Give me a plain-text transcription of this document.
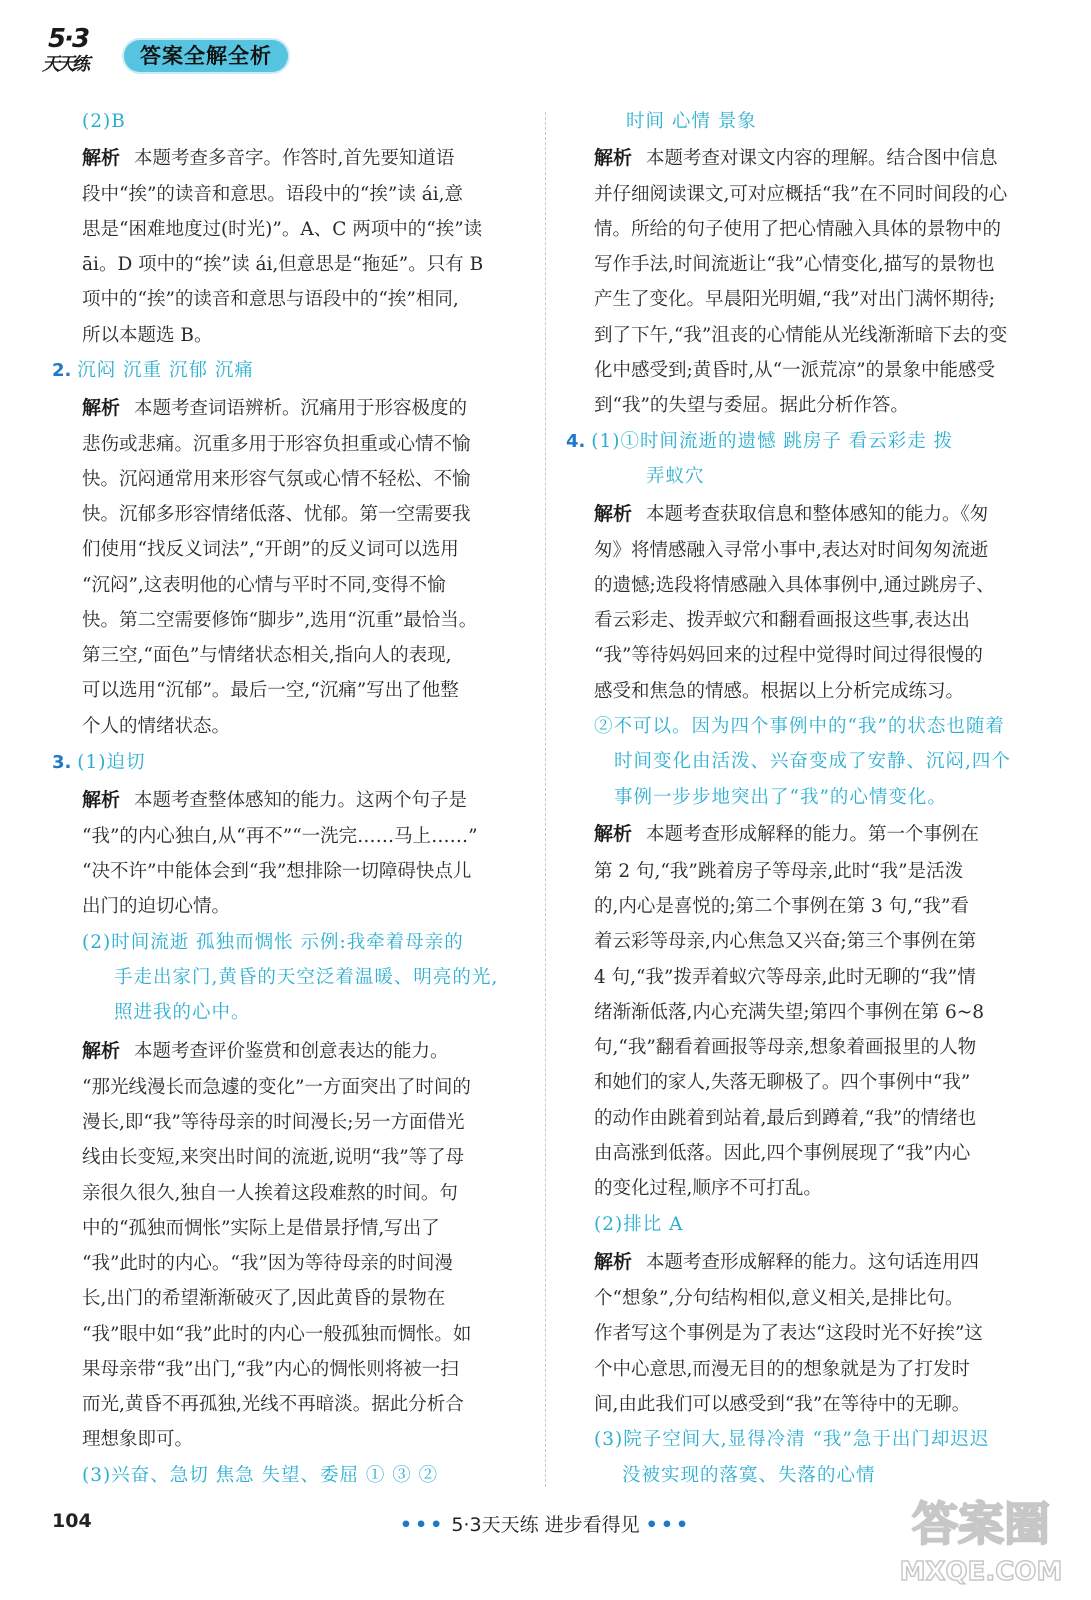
5·3
天天练	答案全解全析
(2)B
解析 本题考查多音字。作答时,首先要知道语
段中“挨”的读音和意思。语段中的“挨”读 ái,意
思是“困难地度过(时光)”。A、C 两项中的“挨”读
āi。D 项中的“挨”读 ái,但意思是“拖延”。只有 B
项中的“挨”的读音和意思与语段中的“挨”相同,
所以本题选 B。
2. 沉闷 沉重 沉郁 沉痛
解析 本题考查词语辨析。沉痛用于形容极度的
悲伤或悲痛。沉重多用于形容负担重或心情不愉
快。沉闷通常用来形容气氛或心情不轻松、不愉
快。沉郁多形容情绪低落、忧郁。第一空需要我
们使用“找反义词法”,“开朗”的反义词可以选用
“沉闷”,这表明他的心情与平时不同,变得不愉
快。第二空需要修饰“脚步”,选用“沉重”最恰当。
第三空,“面色”与情绪状态相关,指向人的表现,
可以选用“沉郁”。最后一空,“沉痛”写出了他整
个人的情绪状态。
3. (1)迫切
解析 本题考查整体感知的能力。这两个句子是
“我”的内心独白,从“再不”“一洗完……马上……”
“决不许”中能体会到“我”想排除一切障碍快点儿
出门的迫切心情。
(2)时间流逝 孤独而惆怅 示例:我牵着母亲的
手走出家门,黄昏的天空泛着温暖、明亮的光,
照进我的心中。
解析 本题考查评价鉴赏和创意表达的能力。
“那光线漫长而急遽的变化”一方面突出了时间的
漫长,即“我”等待母亲的时间漫长;另一方面借光
线由长变短,来突出时间的流逝,说明“我”等了母
亲很久很久,独自一人挨着这段难熬的时间。句
中的“孤独而惆怅”实际上是借景抒情,写出了
“我”此时的内心。“我”因为等待母亲的时间漫
长,出门的希望渐渐破灭了,因此黄昏的景物在
“我”眼中如“我”此时的内心一般孤独而惆怅。如
果母亲带“我”出门,“我”内心的惆怅则将被一扫
而光,黄昏不再孤独,光线不再暗淡。据此分析合
理想象即可。
(3)兴奋、急切 焦急 失望、委屈 ① ③ ②
时间 心情 景象
解析 本题考查对课文内容的理解。结合图中信息
并仔细阅读课文,可对应概括“我”在不同时间段的心
情。所给的句子使用了把心情融入具体的景物中的
写作手法,时间流逝让“我”心情变化,描写的景物也
产生了变化。早晨阳光明媚,“我”对出门满怀期待;
到了下午,“我”沮丧的心情能从光线渐渐暗下去的变
化中感受到;黄昏时,从“一派荒凉”的景象中能感受
到“我”的失望与委屈。据此分析作答。
4. (1)①时间流逝的遗憾 跳房子 看云彩走 拨
弄蚁穴
解析 本题考查获取信息和整体感知的能力。《匆
匆》将情感融入寻常小事中,表达对时间匆匆流逝
的遗憾;选段将情感融入具体事例中,通过跳房子、
看云彩走、拨弄蚁穴和翻看画报这些事,表达出
“我”等待妈妈回来的过程中觉得时间过得很慢的
感受和焦急的情感。根据以上分析完成练习。
②不可以。因为四个事例中的“我”的状态也随着
时间变化由活泼、兴奋变成了安静、沉闷,四个
事例一步步地突出了“我”的心情变化。
解析 本题考查形成解释的能力。第一个事例在
第 2 句,“我”跳着房子等母亲,此时“我”是活泼
的,内心是喜悦的;第二个事例在第 3 句,“我”看
着云彩等母亲,内心焦急又兴奋;第三个事例在第
4 句,“我”拨弄着蚁穴等母亲,此时无聊的“我”情
绪渐渐低落,内心充满失望;第四个事例在第 6~8
句,“我”翻看着画报等母亲,想象着画报里的人物
和她们的家人,失落无聊极了。四个事例中“我”
的动作由跳着到站着,最后到蹲着,“我”的情绪也
由高涨到低落。因此,四个事例展现了“我”内心
的变化过程,顺序不可打乱。
(2)排比 A
解析 本题考查形成解释的能力。这句话连用四
个“想象”,分句结构相似,意义相关,是排比句。
作者写这个事例是为了表达“这段时光不好挨”这
个中心意思,而漫无目的的想象就是为了打发时
间,由此我们可以感受到“我”在等待中的无聊。
(3)院子空间大,显得冷清 “我”急于出门却迟迟
没被实现的落寞、失落的心情
104	••• 5·3天天练 进步看得见 •••	答案圈
MXQE.COM
